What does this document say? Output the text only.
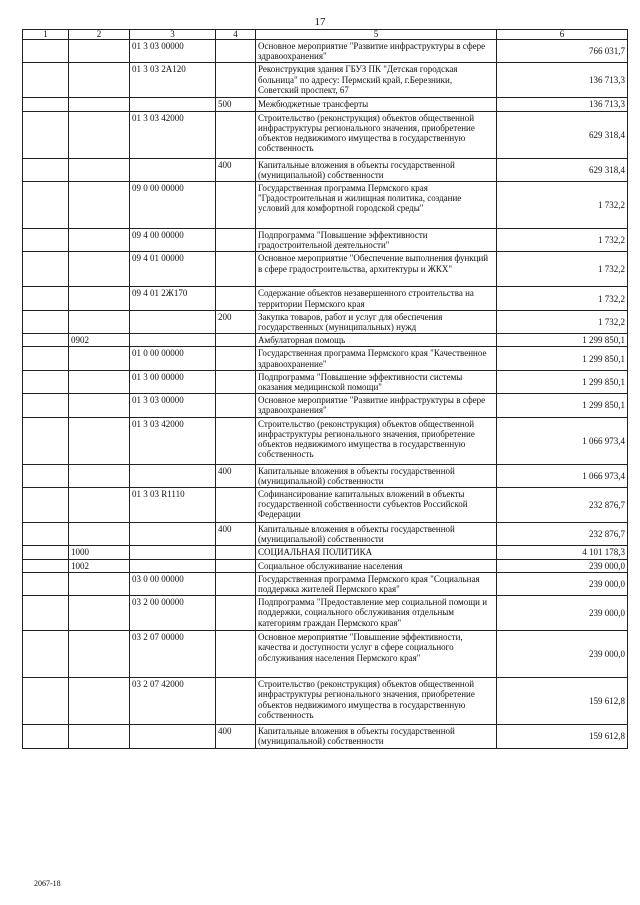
17
1	2	3	4	5	6
		01 3 03 00000		Основное мероприятие "Развитие инфраструктуры в сфере здравоохранения"	766 031,7
		01 3 03 2А120		Реконструкция здания ГБУЗ ПК "Детская городская больница" по адресу: Пермский край, г.Березники, Советский проспект, 67	136 713,3
			500	Межбюджетные трансферты	136 713,3
		01 3 03 42000		Строительство (реконструкция) объектов общественной инфраструктуры регионального значения, приобретение объектов недвижимого имущества в государственную собственность	629 318,4
			400	Капитальные вложения в объекты государственной (муниципальной) собственности	629 318,4
		09 0 00 00000		Государственная программа Пермского края "Градостроительная и жилищная политика, создание условий для комфортной городской среды"	1 732,2
		09 4 00 00000		Подпрограмма "Повышение эффективности градостроительной деятельности"	1 732,2
		09 4 01 00000		Основное мероприятие "Обеспечение выполнения функций в сфере градостроительства, архитектуры и ЖКХ"	1 732,2
		09 4 01 2Ж170		Содержание объектов незавершенного строительства на территории Пермского края	1 732,2
			200	Закупка товаров, работ и услуг для обеспечения государственных (муниципальных) нужд	1 732,2
	0902			Амбулаторная помощь	1 299 850,1
		01 0 00 00000		Государственная программа Пермского края "Качественное здравоохранение"	1 299 850,1
		01 3 00 00000		Подпрограмма "Повышение эффективности системы оказания медицинской помощи"	1 299 850,1
		01 3 03 00000		Основное мероприятие "Развитие инфраструктуры в сфере здравоохранения"	1 299 850,1
		01 3 03 42000		Строительство (реконструкция) объектов общественной инфраструктуры регионального значения, приобретение объектов недвижимого имущества в государственную собственность	1 066 973,4
			400	Капитальные вложения в объекты государственной (муниципальной) собственности	1 066 973,4
		01 3 03 R1110		Софинансирование капитальных вложений в объекты государственной собственности субъектов Российской Федерации	232 876,7
			400	Капитальные вложения в объекты государственной (муниципальной) собственности	232 876,7
	1000			СОЦИАЛЬНАЯ ПОЛИТИКА	4 101 178,3
	1002			Социальное обслуживание населения	239 000,0
		03 0 00 00000		Государственная программа Пермского края "Социальная поддержка жителей Пермского края"	239 000,0
		03 2 00 00000		Подпрограмма "Предоставление мер социальной помощи и поддержки, социального обслуживания отдельным категориям граждан Пермского края"	239 000,0
		03 2 07 00000		Основное мероприятие "Повышение эффективности, качества и доступности услуг в сфере социального обслуживания населения Пермского края"	239 000,0
		03 2 07 42000		Строительство (реконструкция) объектов общественной инфраструктуры регионального значения, приобретение объектов недвижимого имущества в государственную собственность	159 612,8
			400	Капитальные вложения в объекты государственной (муниципальной) собственности	159 612,8
2067-18
